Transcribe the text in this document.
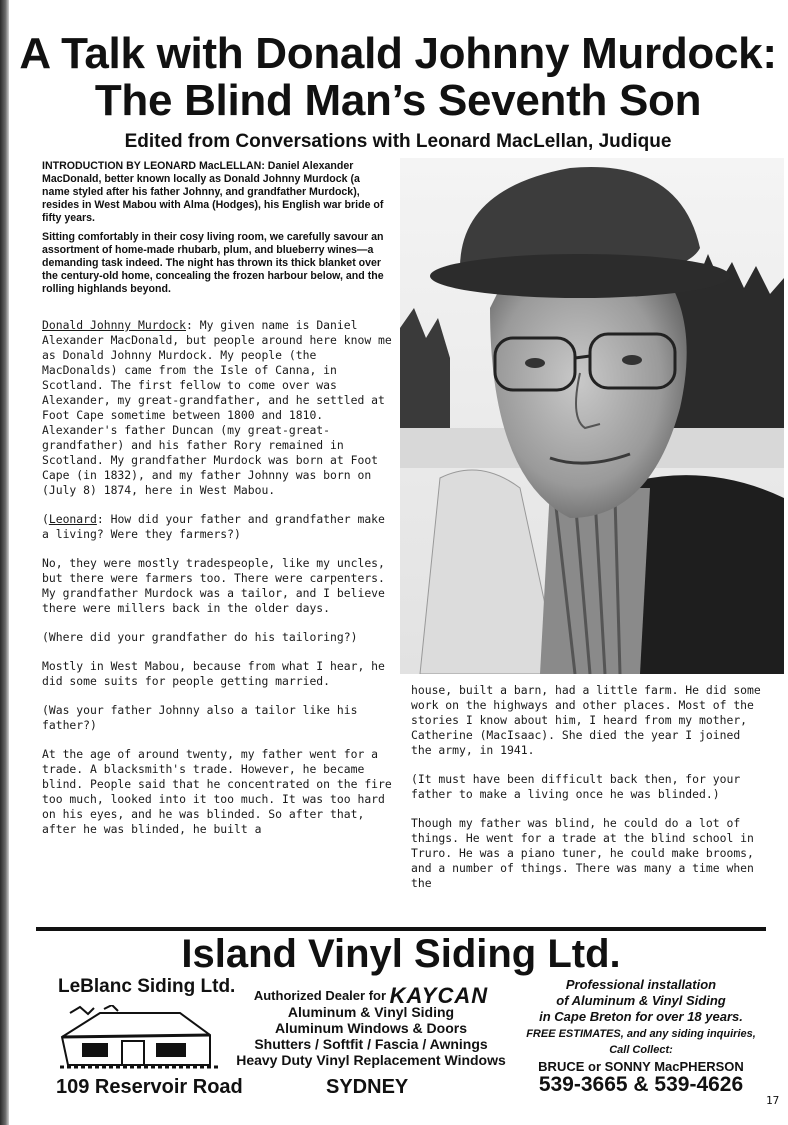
A Talk with Donald Johnny Murdock:
The Blind Man’s Seventh Son
Edited from Conversations with Leonard MacLellan, Judique

INTRODUCTION BY LEONARD MacLELLAN: Daniel Alexander MacDonald, better known locally as Donald Johnny Murdock (a name styled after his father Johnny, and grandfather Murdock), resides in West Mabou with Alma (Hodges), his English war bride of fifty years.

Sitting comfortably in their cosy living room, we carefully savour an assortment of home-made rhubarb, plum, and blueberry wines—a demanding task indeed. The night has thrown its thick blanket over the century-old home, concealing the frozen harbour below, and the rolling highlands beyond.

Donald Johnny Murdock: My given name is Daniel Alexander MacDonald, but people around here know me as Donald Johnny Murdock. My people (the MacDonalds) came from the Isle of Canna, in Scotland. The first fellow to come over was Alexander, my great-grandfather, and he settled at Foot Cape sometime between 1800 and 1810. Alexander's father Duncan (my great-great-grandfather) and his father Rory remained in Scotland. My grandfather Murdock was born at Foot Cape (in 1832), and my father Johnny was born on (July 8) 1874, here in West Mabou.

(Leonard: How did your father and grandfather make a living? Were they farmers?)

No, they were mostly tradespeople, like my uncles, but there were farmers too. There were carpenters. My grandfather Murdock was a tailor, and I believe there were millers back in the older days.

(Where did your grandfather do his tailoring?)

Mostly in West Mabou, because from what I hear, he did some suits for people getting married.

(Was your father Johnny also a tailor like his father?)

At the age of around twenty, my father went for a trade. A blacksmith's trade. However, he became blind. People said that he concentrated on the fire too much, looked into it too much. It was too hard on his eyes, and he was blinded. So after that, after he was blinded, he built a

house, built a barn, had a little farm. He did some work on the highways and other places. Most of the stories I know about him, I heard from my mother, Catherine (MacIsaac). She died the year I joined the army, in 1941.

(It must have been difficult back then, for your father to make a living once he was blinded.)

Though my father was blind, he could do a lot of things. He went for a trade at the blind school in Truro. He was a piano tuner, he could make brooms, and a number of things. There was many a time when the

Island Vinyl Siding Ltd.
LeBlanc Siding Ltd.	Authorized Dealer for KAYCAN
Aluminum & Vinyl Siding
Aluminum Windows & Doors
Shutters / Softfit / Fascia / Awnings
Heavy Duty Vinyl Replacement Windows
Professional installation
of Aluminum & Vinyl Siding
in Cape Breton for over 18 years.
FREE ESTIMATES, and any siding inquiries,
Call Collect:
BRUCE or SONNY MacPHERSON
539-3665 & 539-4626
109 Reservoir Road	SYDNEY
17
